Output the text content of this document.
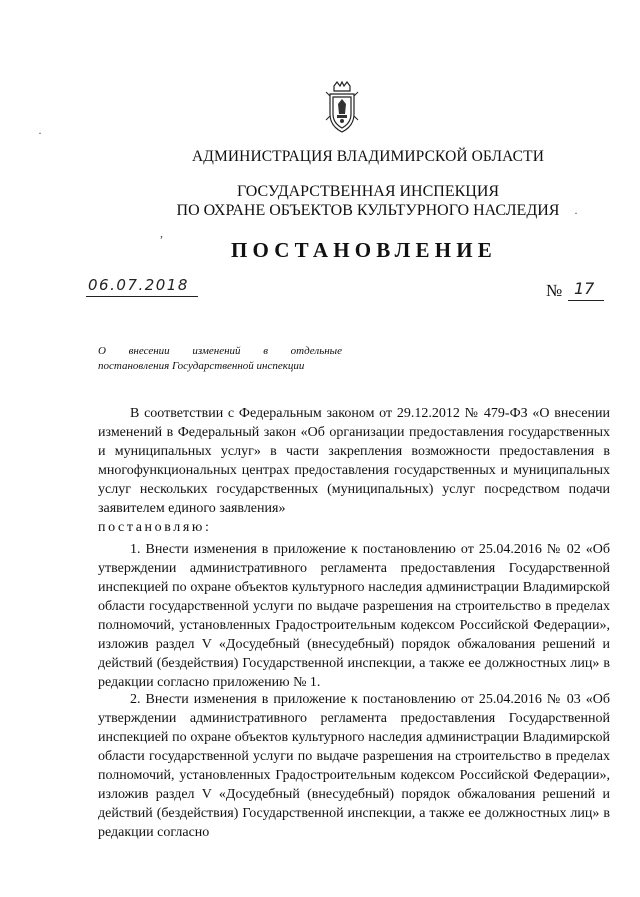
АДМИНИСТРАЦИЯ ВЛАДИМИРСКОЙ ОБЛАСТИ
ГОСУДАРСТВЕННАЯ ИНСПЕКЦИЯ
ПО ОХРАНЕ ОБЪЕКТОВ КУЛЬТУРНОГО НАСЛЕДИЯ
ПОСТАНОВЛЕНИЕ
06.07.2018	№ 17
О внесении изменений в отдельные
постановления Государственной инспекции
В соответствии с Федеральным законом от 29.12.2012 № 479-ФЗ «О внесении изменений в Федеральный закон «Об организации предоставления государственных и муниципальных услуг» в части закрепления возможности предоставления в многофункциональных центрах предоставления государственных и муниципальных услуг нескольких государственных (муниципальных) услуг посредством подачи заявителем единого заявления»
постановляю:
1. Внести изменения в приложение к постановлению от 25.04.2016 № 02 «Об утверждении административного регламента предоставления Государственной инспекцией по охране объектов культурного наследия администрации Владимирской области государственной услуги по выдаче разрешения на строительство в пределах полномочий, установленных Градостроительным кодексом Российской Федерации», изложив раздел V «Досудебный (внесудебный) порядок обжалования решений и действий (бездействия) Государственной инспекции, а также ее должностных лиц» в редакции согласно приложению № 1.
2. Внести изменения в приложение к постановлению от 25.04.2016 № 03 «Об утверждении административного регламента предоставления Государственной инспекцией по охране объектов культурного наследия администрации Владимирской области государственной услуги по выдаче разрешения на строительство в пределах полномочий, установленных Градостроительным кодексом Российской Федерации», изложив раздел V «Досудебный (внесудебный) порядок обжалования решений и действий (бездействия) Государственной инспекции, а также ее должностных лиц» в редакции согласно
·
,
·
